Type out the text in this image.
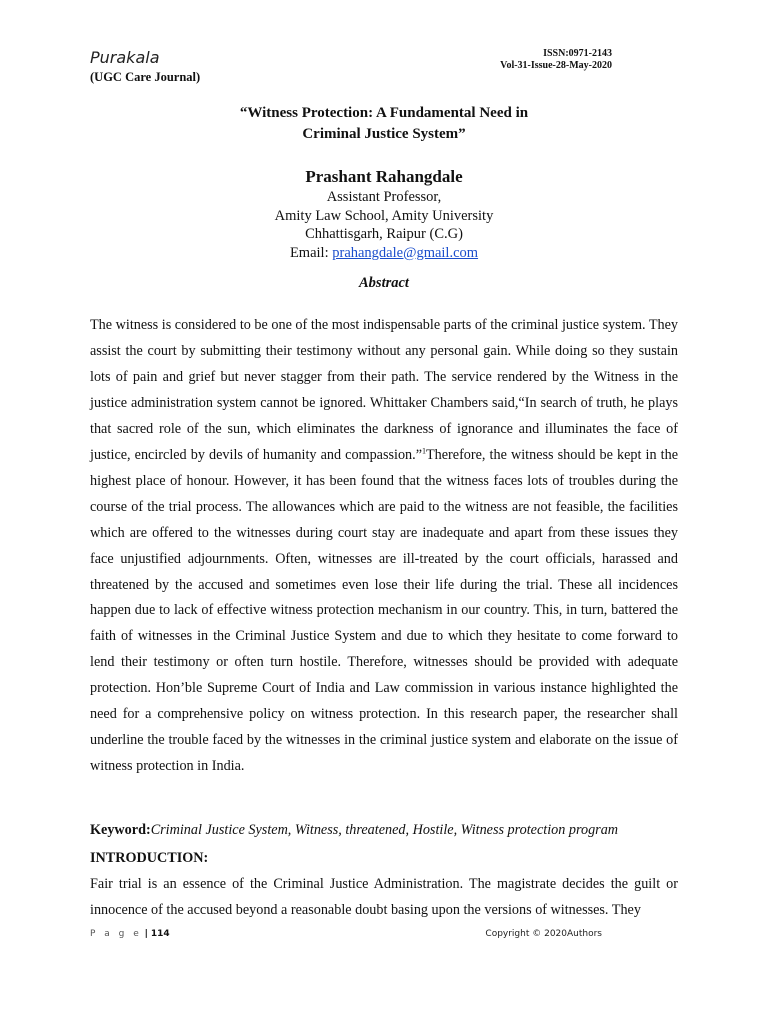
Purakala
(UGC Care Journal)
ISSN:0971-2143
Vol-31-Issue-28-May-2020
“Witness Protection: A Fundamental Need in
Criminal Justice System”
Prashant Rahangdale
Assistant Professor,
Amity Law School, Amity University
Chhattisgarh, Raipur (C.G)
Email: prahangdale@gmail.com
Abstract

The witness is considered to be one of the most indispensable parts of the criminal justice system. They assist the court by submitting their testimony without any personal gain. While doing so they sustain lots of pain and grief but never stagger from their path. The service rendered by the Witness in the justice administration system cannot be ignored. Whittaker Chambers said,“In search of truth, he plays that sacred role of the sun, which eliminates the darkness of ignorance and illuminates the face of justice, encircled by devils of humanity and compassion.”$^1$Therefore, the witness should be kept in the highest place of honour. However, it has been found that the witness faces lots of troubles during the course of the trial process. The allowances which are paid to the witness are not feasible, the facilities which are offered to the witnesses during court stay are inadequate and apart from these issues they face unjustified adjournments. Often, witnesses are ill-treated by the court officials, harassed and threatened by the accused and sometimes even lose their life during the trial. These all incidences happen due to lack of effective witness protection mechanism in our country. This, in turn, battered the faith of witnesses in the Criminal Justice System and due to which they hesitate to come forward to lend their testimony or often turn hostile. Therefore, witnesses should be provided with adequate protection. Hon’ble Supreme Court of India and Law commission in various instance highlighted the need for a comprehensive policy on witness protection. In this research paper, the researcher shall underline the trouble faced by the witnesses in the criminal justice system and elaborate on the issue of witness protection in India.

Keyword:Criminal Justice System, Witness, threatened, Hostile, Witness protection program
INTRODUCTION:

Fair trial is an essence of the Criminal Justice Administration. The magistrate decides the guilt or innocence of the accused beyond a reasonable doubt basing upon the versions of witnesses. They

P a g e | 114	Copyright © 2020Authors
